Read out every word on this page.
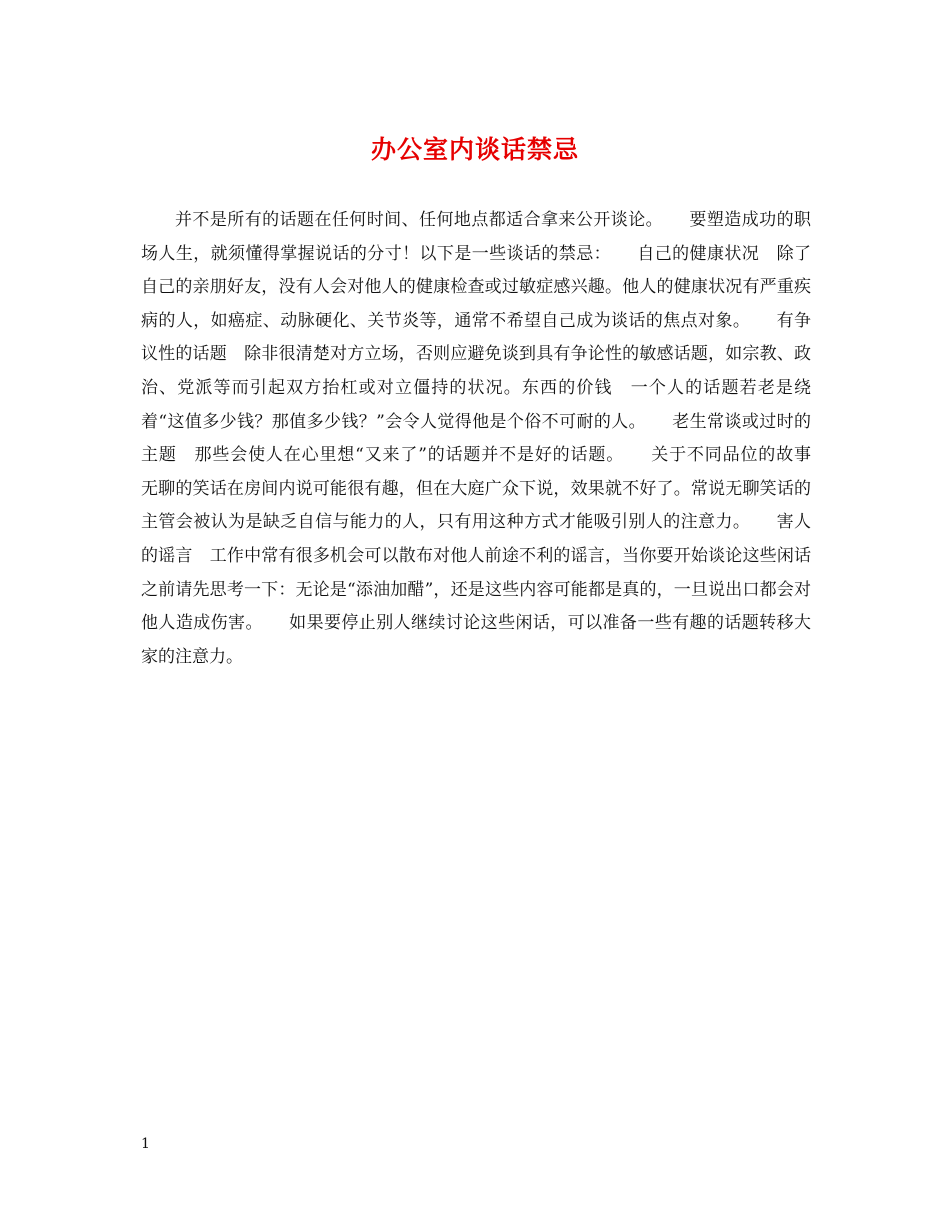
办公室内谈话禁忌

并不是所有的话题在任何时间、任何地点都适合拿来公开谈论。　　要塑造成功的职场人生，就须懂得掌握说话的分寸！以下是一些谈话的禁忌：　　自己的健康状况　除了自己的亲朋好友，没有人会对他人的健康检查或过敏症感兴趣。他人的健康状况有严重疾病的人，如癌症、动脉硬化、关节炎等，通常不希望自己成为谈话的焦点对象。　　有争议性的话题　除非很清楚对方立场，否则应避免谈到具有争论性的敏感话题，如宗教、政治、党派等而引起双方抬杠或对立僵持的状况。东西的价钱　一个人的话题若老是绕着“这值多少钱？那值多少钱？”会令人觉得他是个俗不可耐的人。　　老生常谈或过时的主题　那些会使人在心里想“又来了”的话题并不是好的话题。　　关于不同品位的故事　无聊的笑话在房间内说可能很有趣，但在大庭广众下说，效果就不好了。常说无聊笑话的主管会被认为是缺乏自信与能力的人，只有用这种方式才能吸引别人的注意力。　　害人的谣言　工作中常有很多机会可以散布对他人前途不利的谣言，当你要开始谈论这些闲话之前请先思考一下：无论是“添油加醋”，还是这些内容可能都是真的，一旦说出口都会对他人造成伤害。　　如果要停止别人继续讨论这些闲话，可以准备一些有趣的话题转移大家的注意力。

1
